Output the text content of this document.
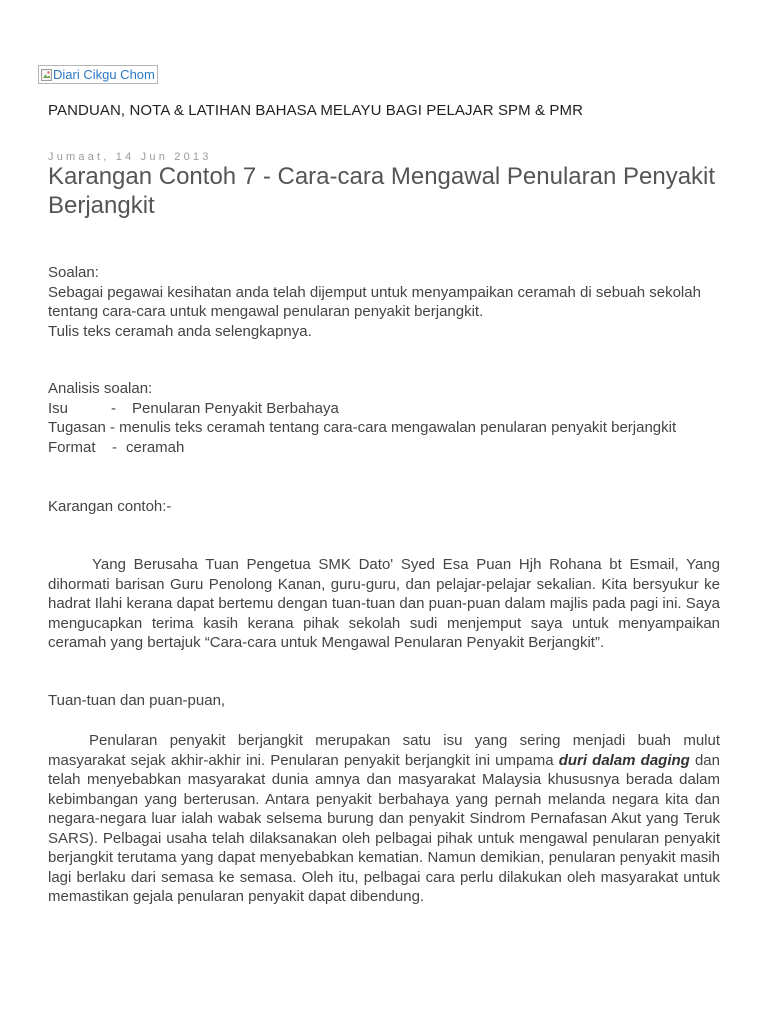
Diari Cikgu Chom
PANDUAN, NOTA & LATIHAN BAHASA MELAYU BAGI PELAJAR SPM & PMR
Jumaat, 14 Jun 2013
Karangan Contoh 7 - Cara-cara Mengawal Penularan Penyakit Berjangkit

Soalan:

Sebagai pegawai kesihatan anda telah dijemput untuk menyampaikan ceramah di sebuah sekolah tentang cara-cara untuk mengawal penularan penyakit berjangkit.

Tulis teks ceramah anda selengkapnya.

Analisis soalan:

Isu	-	Penularan Penyakit Berbahaya
Tugasan - menulis teks ceramah tentang cara-cara mengawalan penularan penyakit berjangkit
Format	- ceramah
Karangan contoh:-

Yang Berusaha Tuan Pengetua SMK Dato' Syed Esa Puan Hjh Rohana bt Esmail, Yang dihormati barisan Guru Penolong Kanan, guru-guru, dan pelajar-pelajar sekalian. Kita bersyukur ke hadrat Ilahi kerana dapat bertemu dengan tuan-tuan dan puan-puan dalam majlis pada pagi ini. Saya mengucapkan terima kasih kerana pihak sekolah sudi menjemput saya untuk menyampaikan ceramah yang bertajuk “Cara-cara untuk Mengawal Penularan Penyakit Berjangkit”.

Tuan-tuan dan puan-puan,

Penularan penyakit berjangkit merupakan satu isu yang sering menjadi buah mulut masyarakat sejak akhir-akhir ini. Penularan penyakit berjangkit ini umpama duri dalam daging dan telah menyebabkan masyarakat dunia amnya dan masyarakat Malaysia khususnya berada dalam kebimbangan yang berterusan. Antara penyakit berbahaya yang pernah melanda negara kita dan negara-negara luar ialah wabak selsema burung dan penyakit Sindrom Pernafasan Akut yang Teruk SARS). Pelbagai usaha telah dilaksanakan oleh pelbagai pihak untuk mengawal penularan penyakit berjangkit terutama yang dapat menyebabkan kematian. Namun demikian, penularan penyakit masih lagi berlaku dari semasa ke semasa. Oleh itu, pelbagai cara perlu dilakukan oleh masyarakat untuk memastikan gejala penularan penyakit dapat dibendung.
